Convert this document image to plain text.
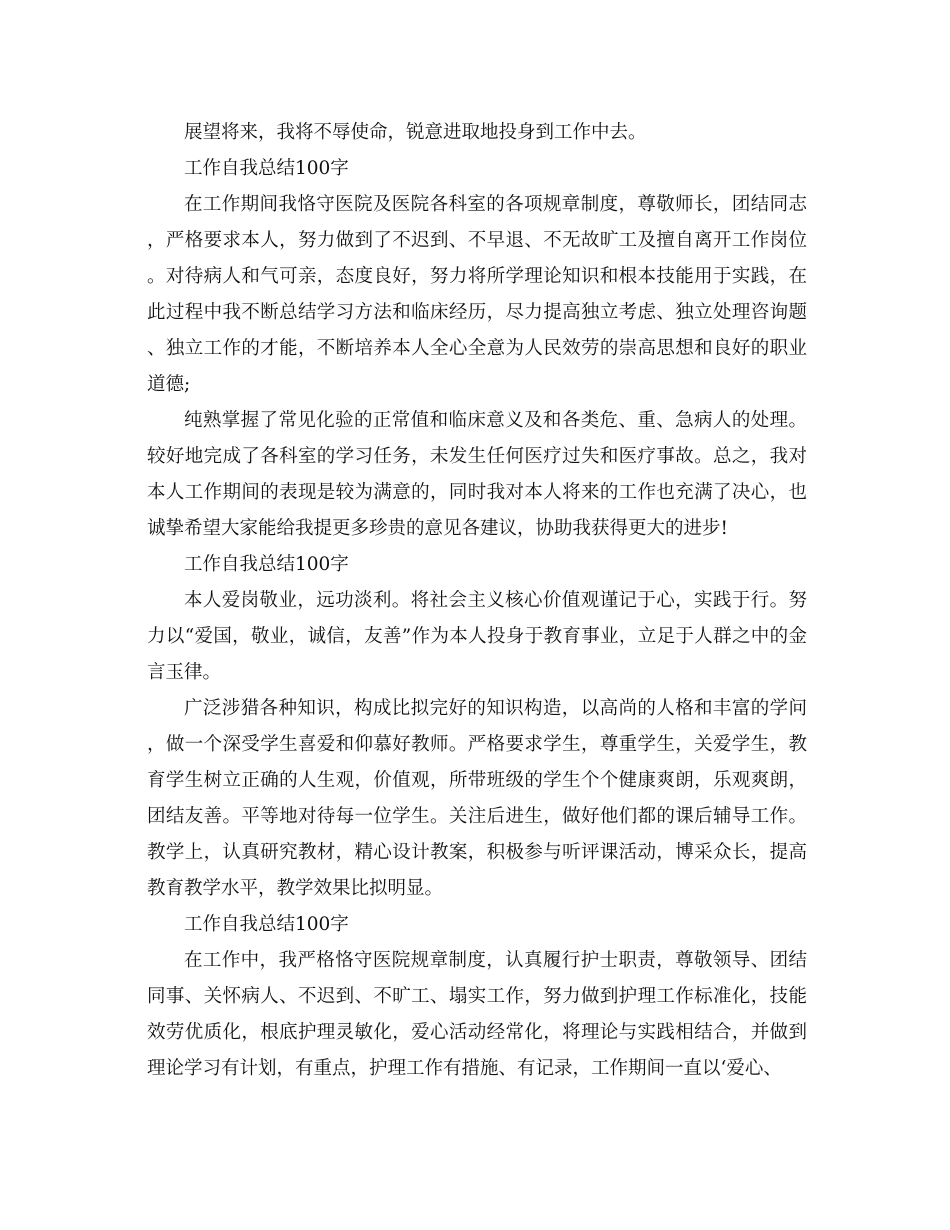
展望将来，我将不辱使命，锐意进取地投身到工作中去。

工作自我总结100字

在工作期间我恪守医院及医院各科室的各项规章制度，尊敬师长，团结同志，严格要求本人，努力做到了不迟到、不早退、不无故旷工及擅自离开工作岗位。对待病人和气可亲，态度良好，努力将所学理论知识和根本技能用于实践，在此过程中我不断总结学习方法和临床经历，尽力提高独立考虑、独立处理咨询题、独立工作的才能，不断培养本人全心全意为人民效劳的崇高思想和良好的职业道德;

纯熟掌握了常见化验的正常值和临床意义及和各类危、重、急病人的处理。较好地完成了各科室的学习任务，未发生任何医疗过失和医疗事故。总之，我对本人工作期间的表现是较为满意的，同时我对本人将来的工作也充满了决心，也诚挚希望大家能给我提更多珍贵的意见各建议，协助我获得更大的进步!

工作自我总结100字

本人爱岗敬业，远功淡利。将社会主义核心价值观谨记于心，实践于行。努力以“爱国，敬业，诚信，友善”作为本人投身于教育事业，立足于人群之中的金言玉律。

广泛涉猎各种知识，构成比拟完好的知识构造，以高尚的人格和丰富的学问，做一个深受学生喜爱和仰慕好教师。严格要求学生，尊重学生，关爱学生，教育学生树立正确的人生观，价值观，所带班级的学生个个健康爽朗，乐观爽朗，团结友善。平等地对待每一位学生。关注后进生，做好他们都的课后辅导工作。教学上，认真研究教材，精心设计教案，积极参与听评课活动，博采众长，提高教育教学水平，教学效果比拟明显。

工作自我总结100字

在工作中，我严格恪守医院规章制度，认真履行护士职责，尊敬领导、团结同事、关怀病人、不迟到、不旷工、塌实工作，努力做到护理工作标准化，技能效劳优质化，根底护理灵敏化，爱心活动经常化，将理论与实践相结合，并做到理论学习有计划，有重点，护理工作有措施、有记录，工作期间一直以‘爱心、
